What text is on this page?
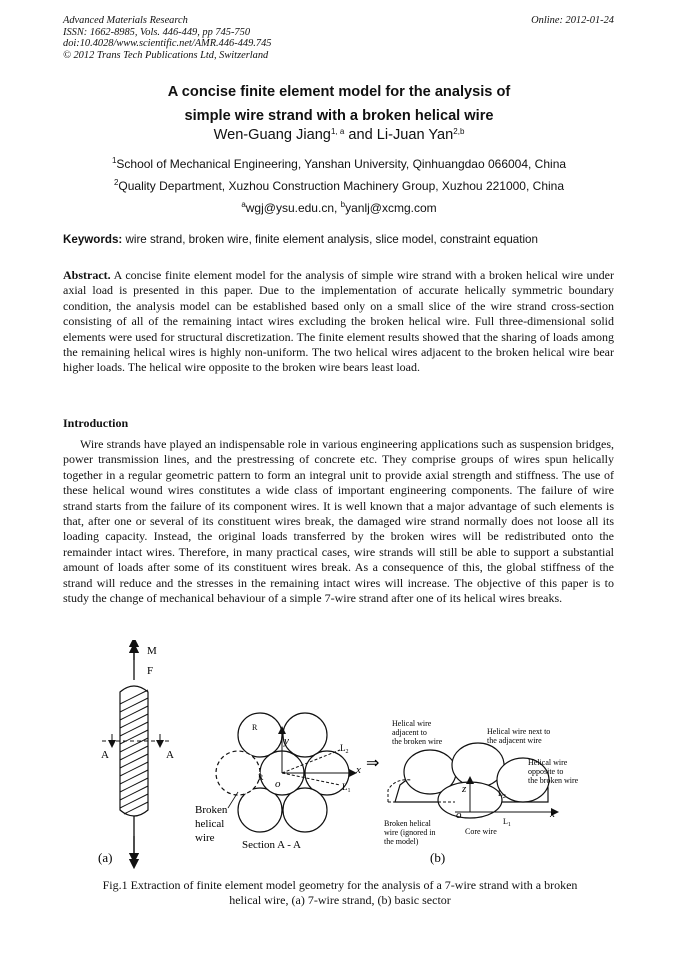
Advanced Materials Research
ISSN: 1662-8985, Vols. 446-449, pp 745-750
doi:10.4028/www.scientific.net/AMR.446-449.745
© 2012 Trans Tech Publications Ltd, Switzerland
Online: 2012-01-24
A concise finite element model for the analysis of
simple wire strand with a broken helical wire
Wen-Guang Jiang$^{1, a}$ and Li-Juan Yan$^{2,b}$
$^1$School of Mechanical Engineering, Yanshan University, Qinhuangdao 066004, China
$^2$Quality Department, Xuzhou Construction Machinery Group, Xuzhou 221000, China
$^a$wgj@ysu.edu.cn, $^b$yanlj@xcmg.com
Keywords: wire strand, broken wire, finite element analysis, slice model, constraint equation
Abstract. A concise finite element model for the analysis of simple wire strand with a broken helical wire under axial load is presented in this paper. Due to the implementation of accurate helically symmetric boundary condition, the analysis model can be established based only on a small slice of the wire strand cross-section consisting of all of the remaining intact wires excluding the broken helical wire. Full three-dimensional solid elements were used for structural discretization. The finite element results showed that the sharing of loads among the remaining helical wires is highly non-uniform. The two helical wires adjacent to the broken helical wire bear higher loads. The helical wire opposite to the broken wire bears least load.
Introduction
Wire strands have played an indispensable role in various engineering applications such as suspension bridges, power transmission lines, and the prestressing of concrete etc. They comprise groups of wires spun helically together in a regular geometric pattern to form an integral unit to provide axial strength and stiffness. The use of these helical wound wires constitutes a wide class of important engineering components. The failure of wire strand starts from the failure of its component wires. It is well known that a major advantage of such elements is that, after one or several of its constituent wires break, the damaged wire strand normally does not loose all its loading capacity. Instead, the original loads transferred by the broken wires will be redistributed onto the remainder intact wires. Therefore, in many practical cases, wire strands will still be able to support a substantial amount of loads after some of its constituent wires break. As a consequence of this, the global stiffness of the strand will reduce and the stresses in the remaining intact wires will increase. The objective of this paper is to study the change of mechanical behaviour of a simple 7-wire strand after one of its helical wires breaks.
M
F
A	A
(a)
y
x
o
R
R
$L_2$
$L_1$
Broken
helical
wire
Section A - A
⇒
z
o	x
$L_2$
$L_1$
Helical wire
adjacent to
the broken wire
Helical wire next to
the adjacent wire
Helical wire
opposite to
the broken wire
Broken helical
wire (ignored in
the model)
Core wire
(b)
Fig.1 Extraction of finite element model geometry for the analysis of a 7-wire strand with a broken
helical wire, (a) 7-wire strand, (b) basic sector
